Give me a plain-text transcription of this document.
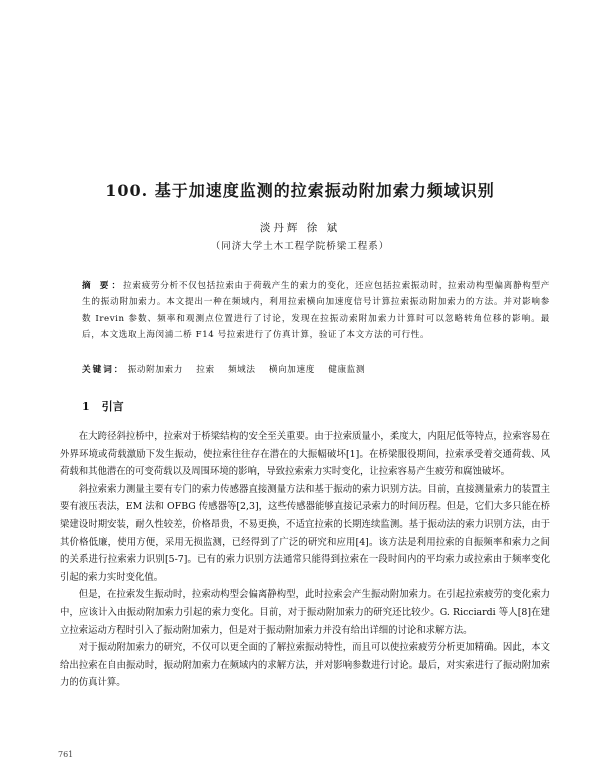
100. 基于加速度监测的拉索振动附加索力频域识别
淡丹辉 徐 斌
（同济大学土木工程学院桥梁工程系）
摘 要：拉索疲劳分析不仅包括拉索由于荷载产生的索力的变化，还应包括拉索振动时，拉索动构型偏离静构型产生的振动附加索力。本文提出一种在频域内，利用拉索横向加速度信号计算拉索振动附加索力的方法。并对影响参数 Irevin 参数、频率和观测点位置进行了讨论，发现在拉振动索附加索力计算时可以忽略转角位移的影响。最后，本文选取上海闵浦二桥 F14 号拉索进行了仿真计算，验证了本文方法的可行性。
关键词： 振动附加索力 拉索 频域法 横向加速度 健康监测
1 引言

在大跨径斜拉桥中，拉索对于桥梁结构的安全至关重要。由于拉索质量小，柔度大，内阻尼低等特点，拉索容易在外界环境或荷载激励下发生振动，使拉索往往存在潜在的大振幅破坏[1]。在桥梁服役期间，拉索承受着交通荷载、风荷载和其他潜在的可变荷载以及周围环境的影响，导致拉索索力实时变化，让拉索容易产生疲劳和腐蚀破坏。

斜拉索索力测量主要有专门的索力传感器直接测量方法和基于振动的索力识别方法。目前，直接测量索力的装置主要有液压表法，EM 法和 OFBG 传感器等[2,3]，这些传感器能够直接记录索力的时间历程。但是，它们大多只能在桥梁建设时期安装，耐久性较差，价格昂贵，不易更换，不适宜拉索的长期连续监测。基于振动法的索力识别方法，由于其价格低廉，使用方便，采用无损监测，已经得到了广泛的研究和应用[4]。该方法是利用拉索的自振频率和索力之间的关系进行拉索索力识别[5-7]。已有的索力识别方法通常只能得到拉索在一段时间内的平均索力或拉索由于频率变化引起的索力实时变化值。

但是，在拉索发生振动时，拉索动构型会偏离静构型，此时拉索会产生振动附加索力。在引起拉索疲劳的变化索力中，应该计入由振动附加索力引起的索力变化。目前，对于振动附加索力的研究还比较少。G. Ricciardi 等人[8]在建立拉索运动方程时引入了振动附加索力，但是对于振动附加索力并没有给出详细的讨论和求解方法。

对于振动附加索力的研究，不仅可以更全面的了解拉索振动特性，而且可以使拉索疲劳分析更加精确。因此，本文给出拉索在自由振动时，振动附加索力在频域内的求解方法，并对影响参数进行讨论。最后，对实索进行了振动附加索力的仿真计算。

761
